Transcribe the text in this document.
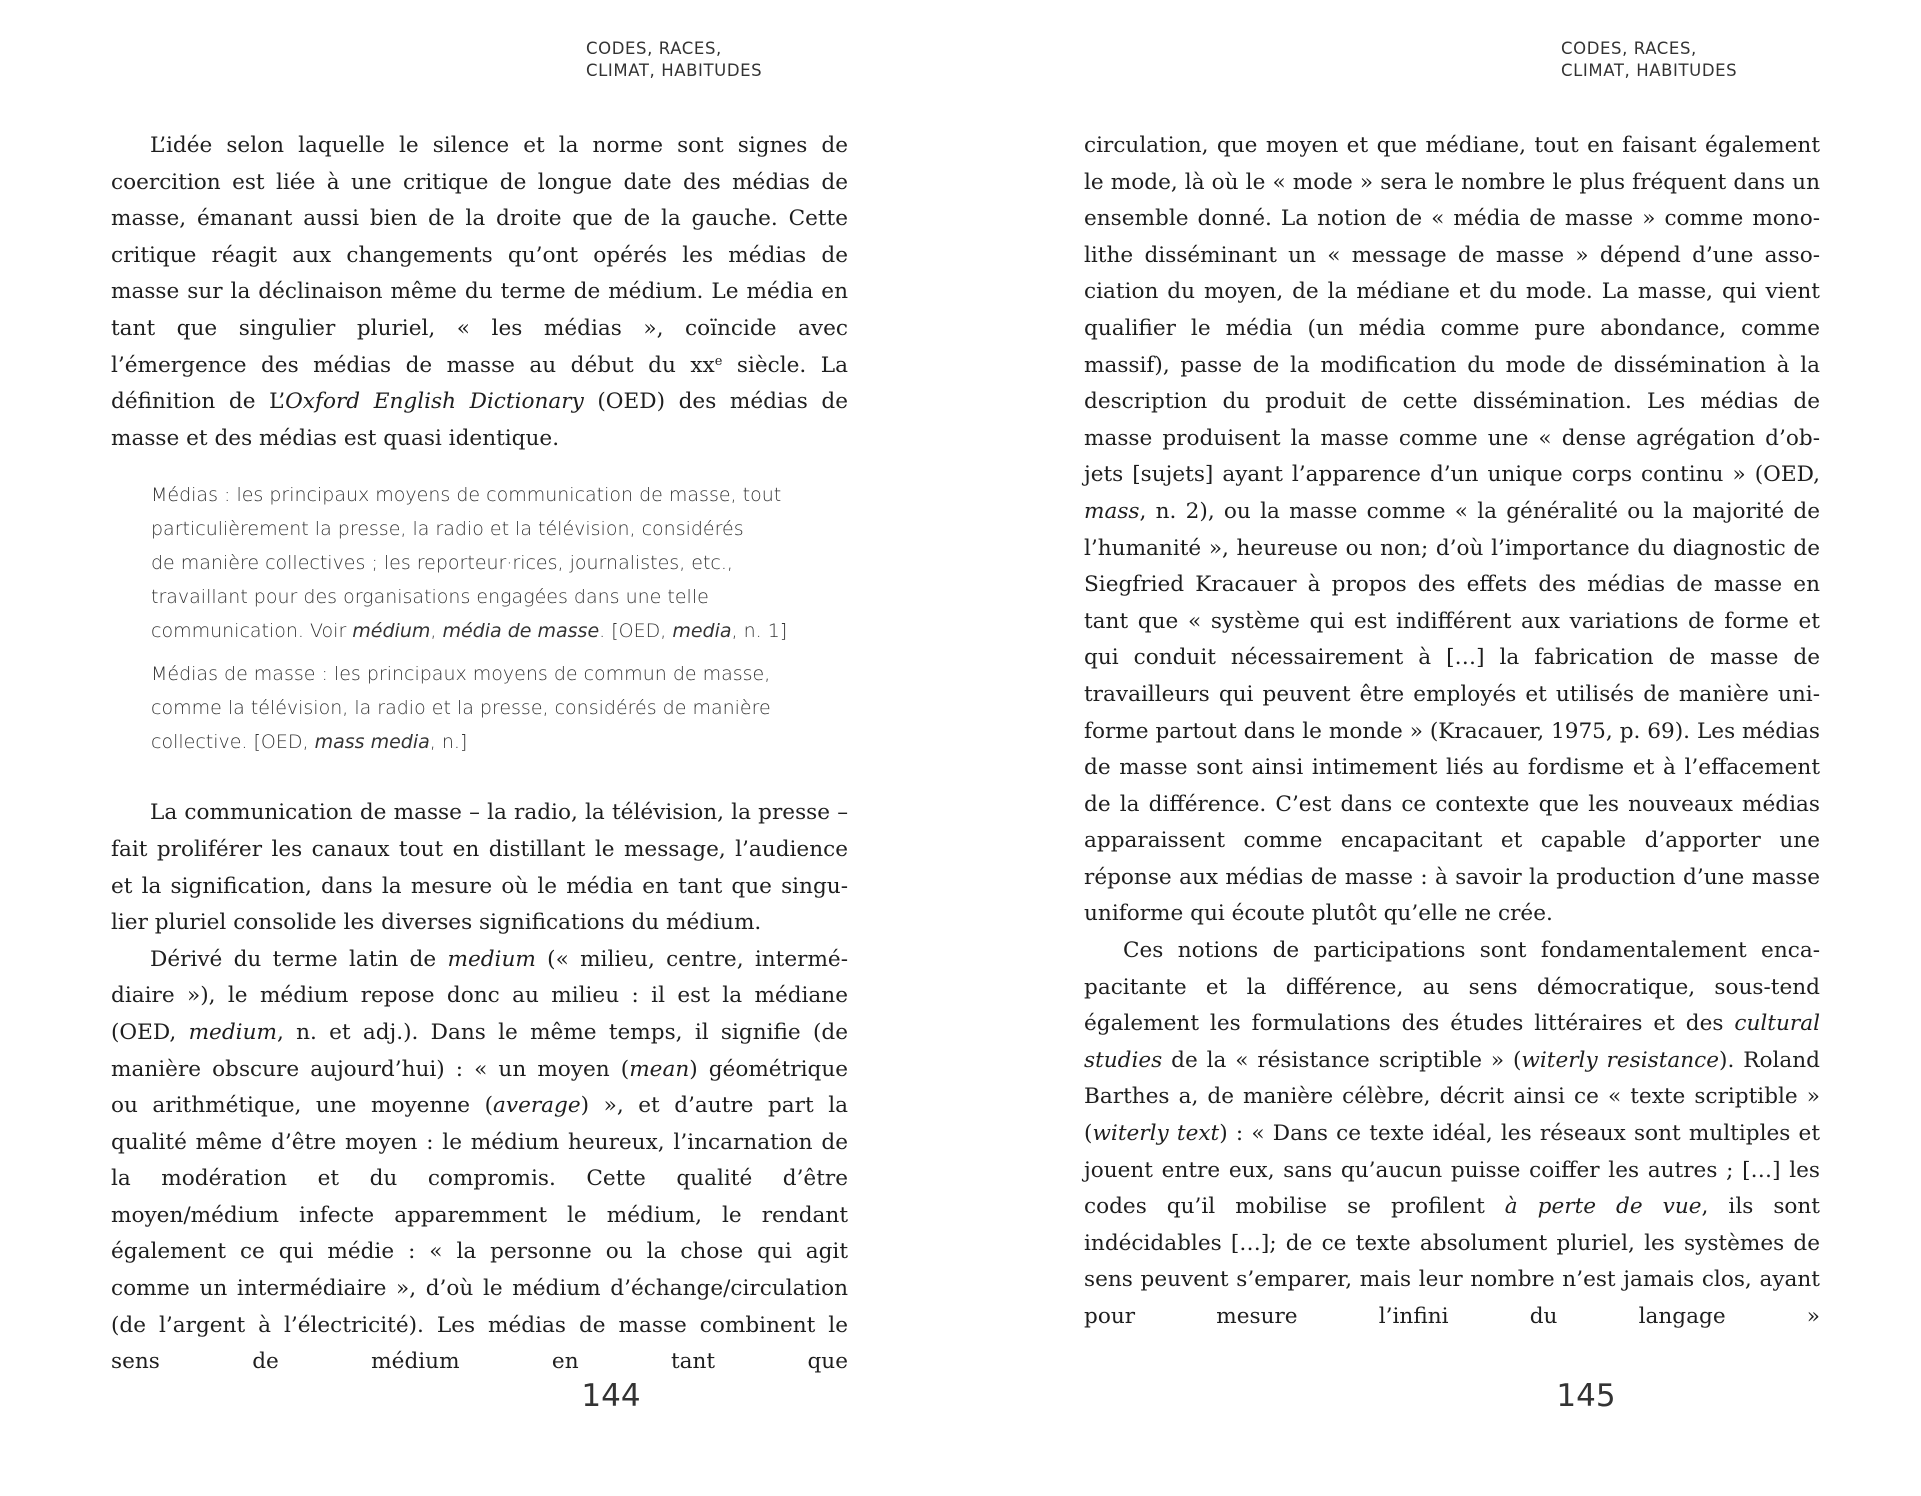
CODES, RACES,
CLIMAT, HABITUDES

L’idée selon laquelle le silence et la norme sont signes de coercition est liée à une critique de longue date des médias de masse, émanant aussi bien de la droite que de la gauche. Cette critique réagit aux changements qu’ont opérés les médias de masse sur la déclinaison même du terme de médium. Le média en tant que singulier pluriel, « les médias », coïncide avec l’émergence des médias de masse au début du $xx^e$ siècle. La définition de L’Oxford English Dictionary (OED) des médias de masse et des médias est quasi identique.

Médias : les principaux moyens de communication de masse, tout
particulièrement la presse, la radio et la télévision, considérés
de manière collectives ; les reporteur·rices, journalistes, etc.,
travaillant pour des organisations engagées dans une telle
communication. Voir médium, média de masse. [OED, media, n. 1]

Médias de masse : les principaux moyens de commun de masse,
comme la télévision, la radio et la presse, considérés de manière
collective. [OED, mass media, n.]

La communication de masse – la radio, la télévision, la presse – fait proliférer les canaux tout en distillant le message, l’audience et la signification, dans la mesure où le média en tant que singulier pluriel consolide les diverses significations du médium.

Dérivé du terme latin de medium (« milieu, centre, intermédiaire »), le médium repose donc au milieu : il est la médiane (OED, medium, n. et adj.). Dans le même temps, il signifie (de manière obscure aujourd’hui) : « un moyen (mean) géométrique ou arithmétique, une moyenne (average) », et d’autre part la qualité même d’être moyen : le médium heureux, l’incarnation de la modération et du compromis. Cette qualité d’être moyen/médium infecte apparemment le médium, le rendant également ce qui médie : « la personne ou la chose qui agit comme un intermédiaire », d’où le médium d’échange/circulation (de l’argent à l’électricité). Les médias de masse combinent le sens de médium en tant que

144
CODES, RACES,
CLIMAT, HABITUDES

circulation, que moyen et que médiane, tout en faisant également le mode, là où le « mode » sera le nombre le plus fréquent dans un ensemble donné. La notion de « média de masse » comme monolithe disséminant un « message de masse » dépend d’une association du moyen, de la médiane et du mode. La masse, qui vient qualifier le média (un média comme pure abondance, comme massif), passe de la modification du mode de dissémination à la description du produit de cette dissémination. Les médias de masse produisent la masse comme une « dense agrégation d’objets [sujets] ayant l’apparence d’un unique corps continu » (OED, mass, n. 2), ou la masse comme « la généralité ou la majorité de l’humanité », heureuse ou non; d’où l’importance du diagnostic de Siegfried Kracauer à propos des effets des médias de masse en tant que « système qui est indifférent aux variations de forme et qui conduit nécessairement à […] la fabrication de masse de travailleurs qui peuvent être employés et utilisés de manière uniforme partout dans le monde » (Kracauer, 1975, p. 69). Les médias de masse sont ainsi intimement liés au fordisme et à l’effacement de la différence. C’est dans ce contexte que les nouveaux médias apparaissent comme encapacitant et capable d’apporter une réponse aux médias de masse : à savoir la production d’une masse uniforme qui écoute plutôt qu’elle ne crée.

Ces notions de participations sont fondamentalement encapacitante et la différence, au sens démocratique, sous-tend également les formulations des études littéraires et des cultural studies de la « résistance scriptible » (witerly resistance). Roland Barthes a, de manière célèbre, décrit ainsi ce « texte scriptible » (witerly text) : « Dans ce texte idéal, les réseaux sont multiples et jouent entre eux, sans qu’aucun puisse coiffer les autres ; […] les codes qu’il mobilise se profilent à perte de vue, ils sont indécidables […]; de ce texte absolument pluriel, les systèmes de sens peuvent s’emparer, mais leur nombre n’est jamais clos, ayant pour mesure l’infini du langage »

145
